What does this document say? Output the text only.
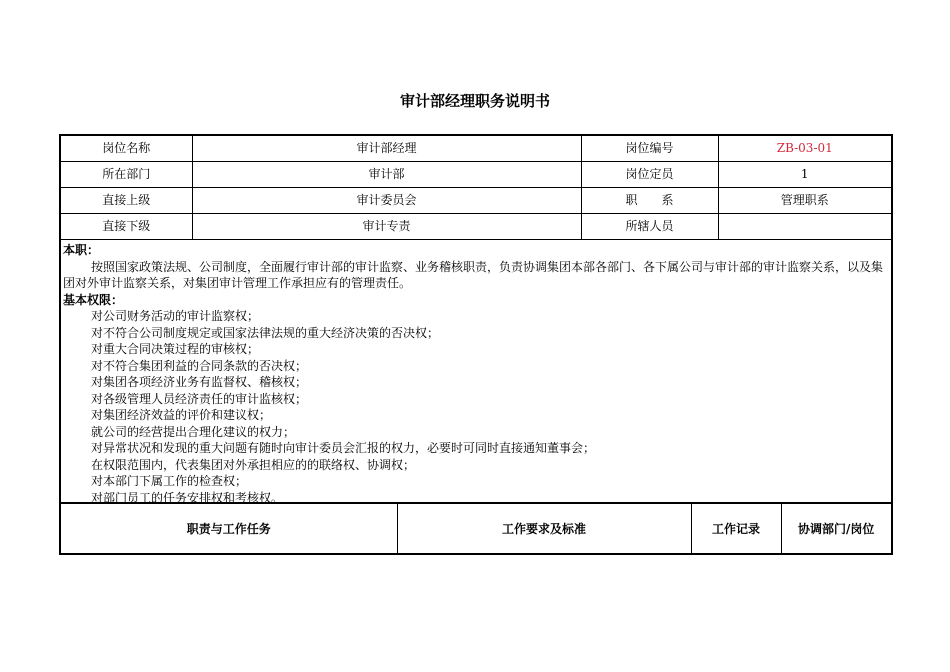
审计部经理职务说明书
岗位名称	审计部经理	岗位编号	ZB-03-01
所在部门	审计部	岗位定员	1
直接上级	审计委员会	职　　系	管理职系
直接下级	审计专责	所辖人员	
本职：
按照国家政策法规、公司制度，全面履行审计部的审计监察、业务稽核职责，负责协调集团本部各部门、各下属公司与审计部的审计监察关系，以及集团对外审计监察关系，对集团审计管理工作承担应有的管理责任。
基本权限：
对公司财务活动的审计监察权；
对不符合公司制度规定或国家法律法规的重大经济决策的否决权；
对重大合同决策过程的审核权；
对不符合集团利益的合同条款的否决权；
对集团各项经济业务有监督权、稽核权；
对各级管理人员经济责任的审计监核权；
对集团经济效益的评价和建议权；
就公司的经营提出合理化建议的权力；
对异常状况和发现的重大问题有随时向审计委员会汇报的权力，必要时可同时直接通知董事会；
在权限范围内，代表集团对外承担相应的的联络权、协调权；
对本部门下属工作的检查权；
对部门员工的任务安排权和考核权。
职责与工作任务	工作要求及标准	工作记录	协调部门/岗位
